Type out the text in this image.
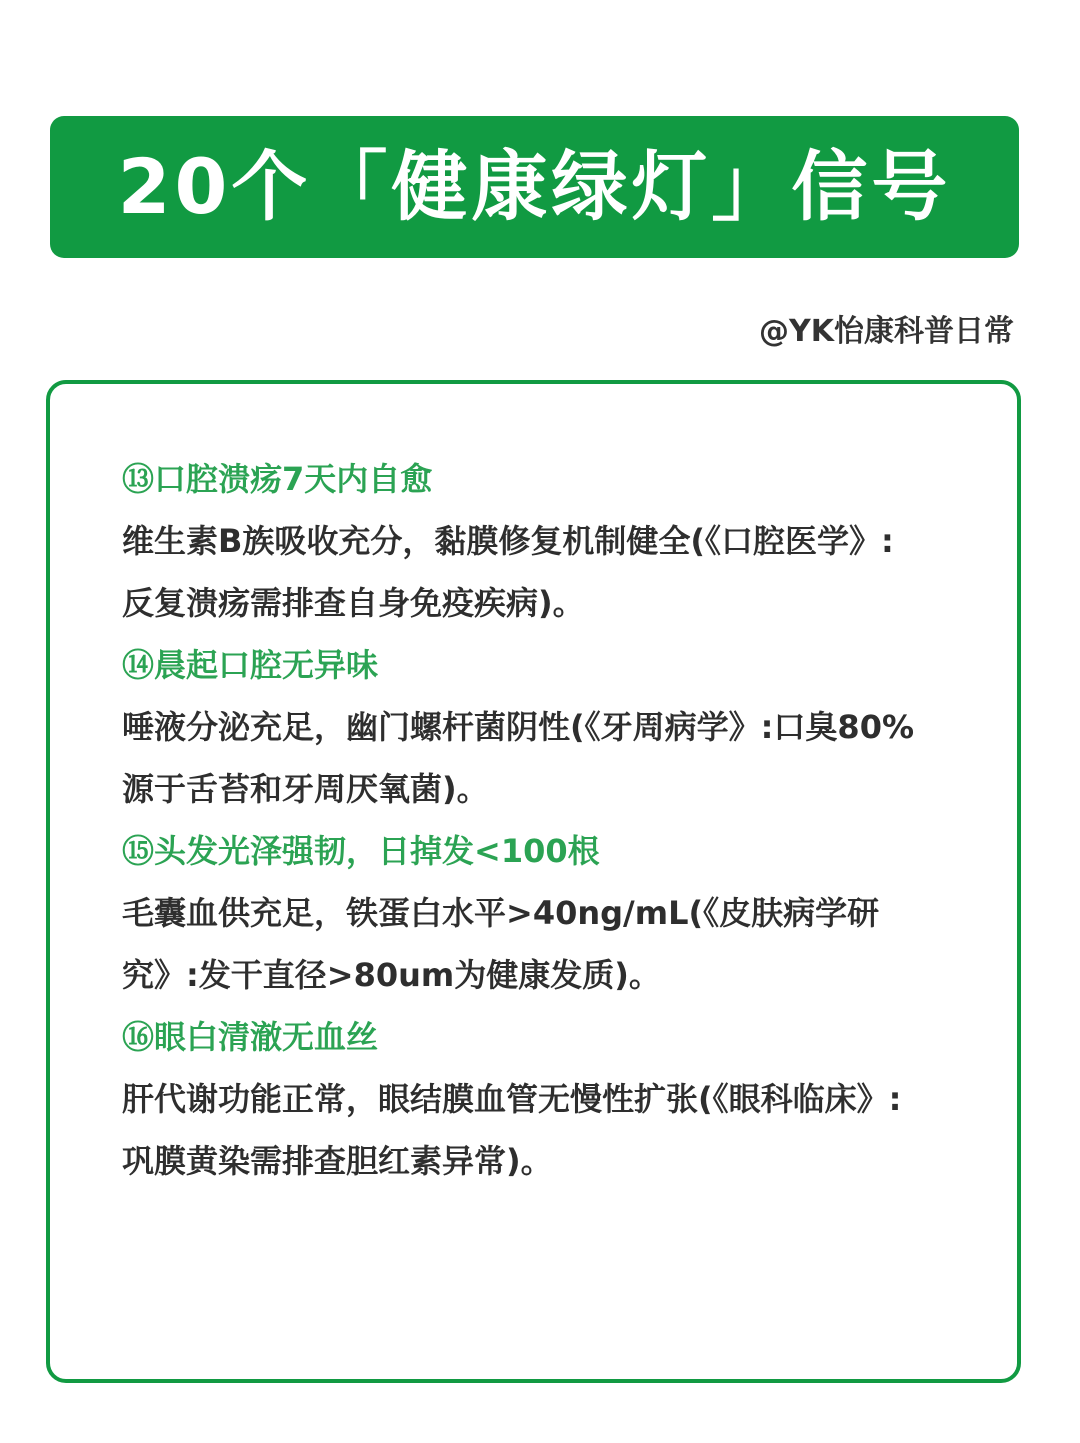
20个「健康绿灯」信号
@YK怡康科普日常
⑬口腔溃疡7天内自愈
维生素B族吸收充分，黏膜修复机制健全(《口腔医学》:
反复溃疡需排查自身免疫疾病)。
⑭晨起口腔无异味
唾液分泌充足，幽门螺杆菌阴性(《牙周病学》:口臭80%
源于舌苔和牙周厌氧菌)。
⑮头发光泽强韧，日掉发<100根
毛囊血供充足，铁蛋白水平>40ng/mL(《皮肤病学研
究》:发干直径>80um为健康发质)。
⑯眼白清澈无血丝
肝代谢功能正常，眼结膜血管无慢性扩张(《眼科临床》:
巩膜黄染需排查胆红素异常)。
